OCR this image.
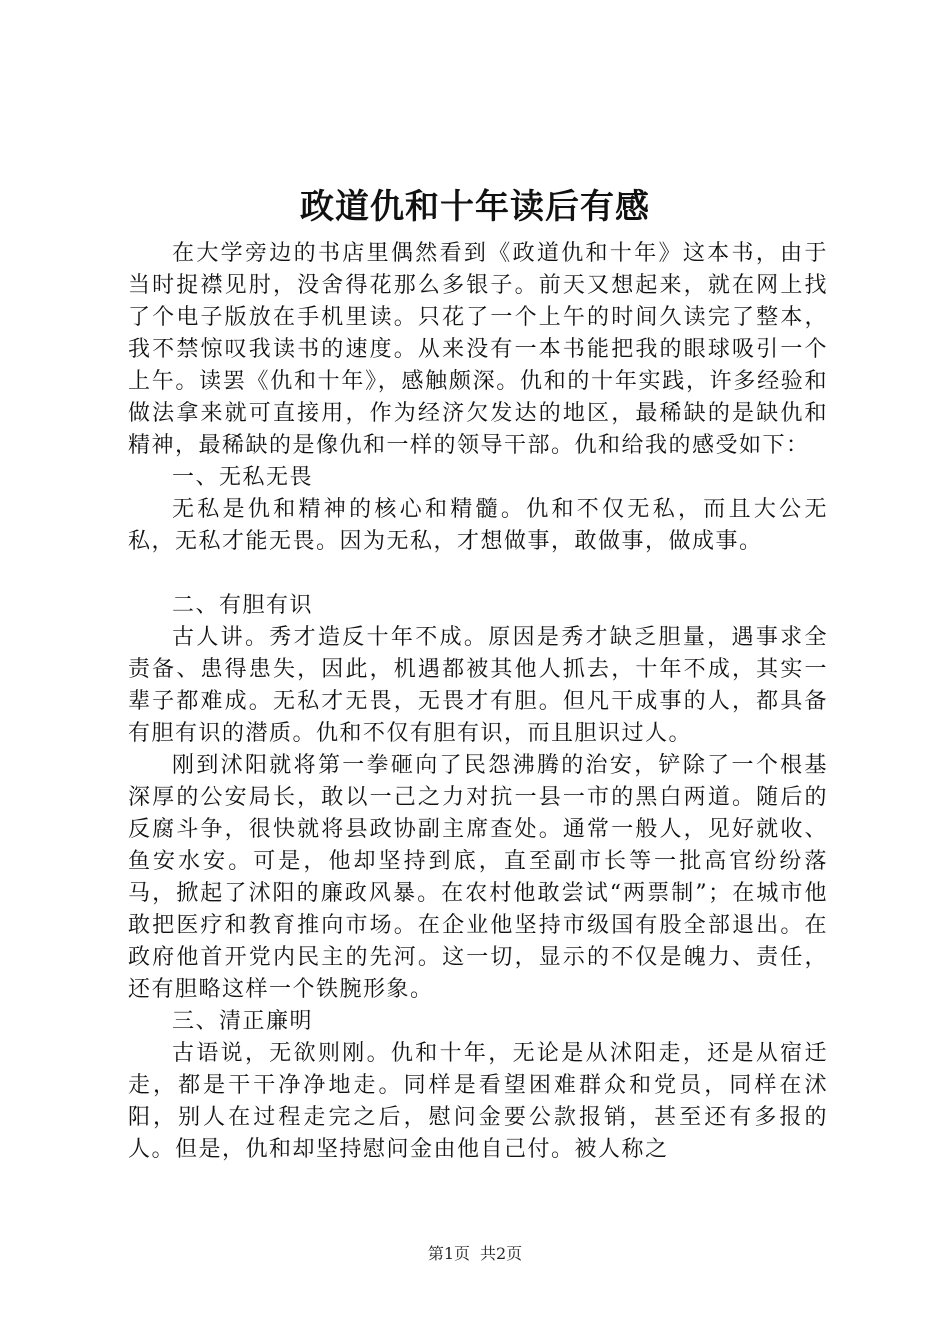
政道仇和十年读后有感

在大学旁边的书店里偶然看到《政道仇和十年》这本书，由于当时捉襟见肘，没舍得花那么多银子。前天又想起来，就在网上找了个电子版放在手机里读。只花了一个上午的时间久读完了整本，我不禁惊叹我读书的速度。从来没有一本书能把我的眼球吸引一个上午。读罢《仇和十年》，感触颇深。仇和的十年实践，许多经验和做法拿来就可直接用，作为经济欠发达的地区，最稀缺的是缺仇和精神，最稀缺的是像仇和一样的领导干部。仇和给我的感受如下：

一、无私无畏

无私是仇和精神的核心和精髓。仇和不仅无私，而且大公无私，无私才能无畏。因为无私，才想做事，敢做事，做成事。

二、有胆有识

古人讲。秀才造反十年不成。原因是秀才缺乏胆量，遇事求全责备、患得患失，因此，机遇都被其他人抓去，十年不成，其实一辈子都难成。无私才无畏，无畏才有胆。但凡干成事的人，都具备有胆有识的潜质。仇和不仅有胆有识，而且胆识过人。

刚到沭阳就将第一拳砸向了民怨沸腾的治安，铲除了一个根基深厚的公安局长，敢以一己之力对抗一县一市的黑白两道。随后的反腐斗争，很快就将县政协副主席查处。通常一般人，见好就收、鱼安水安。可是，他却坚持到底，直至副市长等一批高官纷纷落马，掀起了沭阳的廉政风暴。在农村他敢尝试“两票制”；在城市他敢把医疗和教育推向市场。在企业他坚持市级国有股全部退出。在政府他首开党内民主的先河。这一切，显示的不仅是魄力、责任，还有胆略这样一个铁腕形象。

三、清正廉明

古语说，无欲则刚。仇和十年，无论是从沭阳走，还是从宿迁走，都是干干净净地走。同样是看望困难群众和党员，同样在沭阳，别人在过程走完之后，慰问金要公款报销，甚至还有多报的人。但是，仇和却坚持慰问金由他自己付。被人称之

第1页 共2页
